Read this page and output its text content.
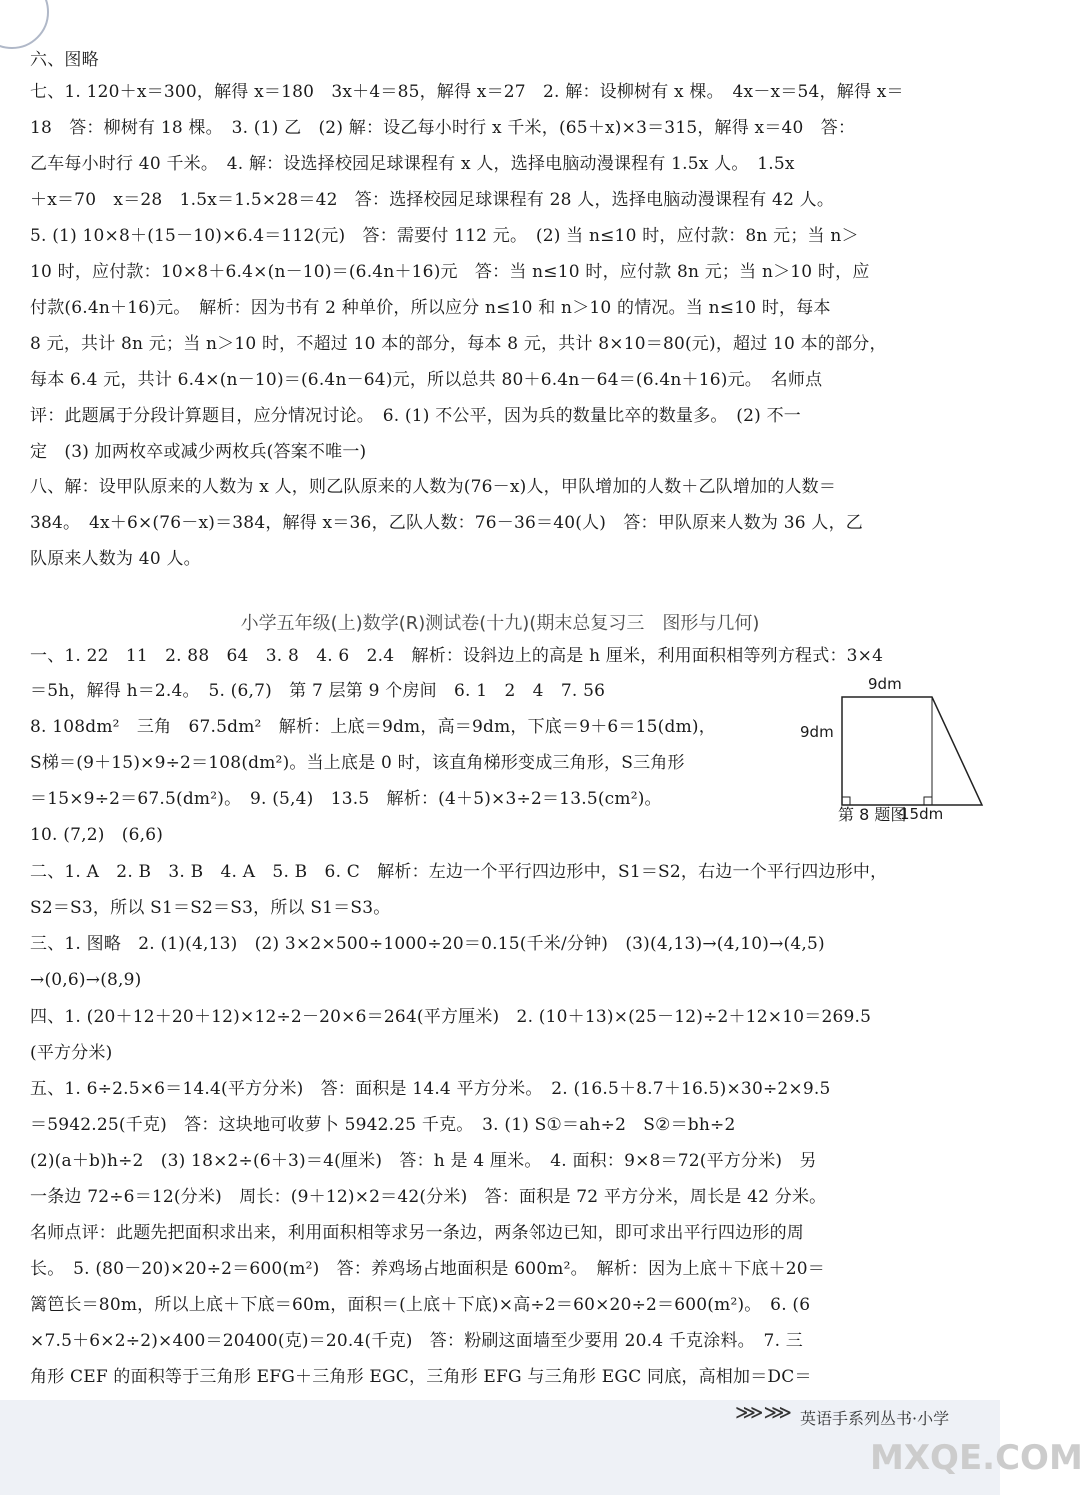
六、图略
七、1. 120＋x＝300，解得 x＝180　3x＋4＝85，解得 x＝27　2. 解：设柳树有 x 棵。　4x－x＝54，解得 x＝
18　答：柳树有 18 棵。　3. (1) 乙　(2) 解：设乙每小时行 x 千米，(65＋x)×3＝315，解得 x＝40　答：
乙车每小时行 40 千米。　4. 解：设选择校园足球课程有 x 人，选择电脑动漫课程有 1.5x 人。　1.5x
＋x＝70　x＝28　1.5x＝1.5×28＝42　答：选择校园足球课程有 28 人，选择电脑动漫课程有 42 人。
5. (1) 10×8＋(15－10)×6.4＝112(元)　答：需要付 112 元。　(2) 当 n≤10 时，应付款：8n 元；当 n＞
10 时，应付款：10×8＋6.4×(n－10)＝(6.4n＋16)元　答：当 n≤10 时，应付款 8n 元；当 n＞10 时，应
付款(6.4n＋16)元。　解析：因为书有 2 种单价，所以应分 n≤10 和 n＞10 的情况。当 n≤10 时，每本
8 元，共计 8n 元；当 n＞10 时，不超过 10 本的部分，每本 8 元，共计 8×10＝80(元)，超过 10 本的部分，
每本 6.4 元，共计 6.4×(n－10)＝(6.4n－64)元，所以总共 80＋6.4n－64＝(6.4n＋16)元。　名师点
评：此题属于分段计算题目，应分情况讨论。　6. (1) 不公平，因为兵的数量比卒的数量多。　(2) 不一
定　(3) 加两枚卒或减少两枚兵(答案不唯一)
八、解：设甲队原来的人数为 x 人，则乙队原来的人数为(76－x)人，甲队增加的人数＋乙队增加的人数＝
384。　4x＋6×(76－x)＝384，解得 x＝36，乙队人数：76－36＝40(人)　答：甲队原来人数为 36 人，乙
队原来人数为 40 人。
小学五年级(上)数学(R)测试卷(十九)(期末总复习三　图形与几何)
一、1. 22　11　2. 88　64　3. 8　4. 6　2.4　解析：设斜边上的高是 h 厘米，利用面积相等列方程式：3×4
＝5h，解得 h＝2.4。　5. (6,7)　第 7 层第 9 个房间　6. 1　2　4　7. 56
8. 108dm²　三角　67.5dm²　解析：上底＝9dm，高＝9dm，下底＝9＋6＝15(dm)，
S梯＝(9＋15)×9÷2＝108(dm²)。当上底是 0 时，该直角梯形变成三角形，S三角形
＝15×9÷2＝67.5(dm²)。　9. (5,4)　13.5　解析：(4＋5)×3÷2＝13.5(cm²)。
10. (7,2)　(6,6)
二、1. A　2. B　3. B　4. A　5. B　6. C　解析：左边一个平行四边形中，S1＝S2，右边一个平行四边形中，
S2＝S3，所以 S1＝S2＝S3，所以 S1＝S3。
三、1. 图略　2. (1)(4,13)　(2) 3×2×500÷1000÷20＝0.15(千米/分钟)　(3)(4,13)→(4,10)→(4,5)
→(0,6)→(8,9)
四、1. (20＋12＋20＋12)×12÷2－20×6＝264(平方厘米)　2. (10＋13)×(25－12)÷2＋12×10＝269.5
(平方分米)
五、1. 6÷2.5×6＝14.4(平方分米)　答：面积是 14.4 平方分米。　2. (16.5＋8.7＋16.5)×30÷2×9.5
＝5942.25(千克)　答：这块地可收萝卜 5942.25 千克。　3. (1) S①＝ah÷2　S②＝bh÷2
(2)(a＋b)h÷2　(3) 18×2÷(6＋3)＝4(厘米)　答：h 是 4 厘米。　4. 面积：9×8＝72(平方分米)　另
一条边 72÷6＝12(分米)　周长：(9＋12)×2＝42(分米)　答：面积是 72 平方分米，周长是 42 分米。
名师点评：此题先把面积求出来，利用面积相等求另一条边，两条邻边已知，即可求出平行四边形的周
长。　5. (80－20)×20÷2＝600(m²)　答：养鸡场占地面积是 600m²。　解析：因为上底＋下底＋20＝
篱笆长＝80m，所以上底＋下底＝60m，面积＝(上底＋下底)×高÷2＝60×20÷2＝600(m²)。　6. (6
×7.5＋6×2÷2)×400＝20400(克)＝20.4(千克)　答：粉刷这面墙至少要用 20.4 千克涂料。　7. 三
角形 CEF 的面积等于三角形 EFG＋三角形 EGC，三角形 EFG 与三角形 EGC 同底，高相加＝DC＝
9dm
9dm
15dm
第 8 题图
⋙⋙ 英语手系列丛书·小学
MXQE.COM
